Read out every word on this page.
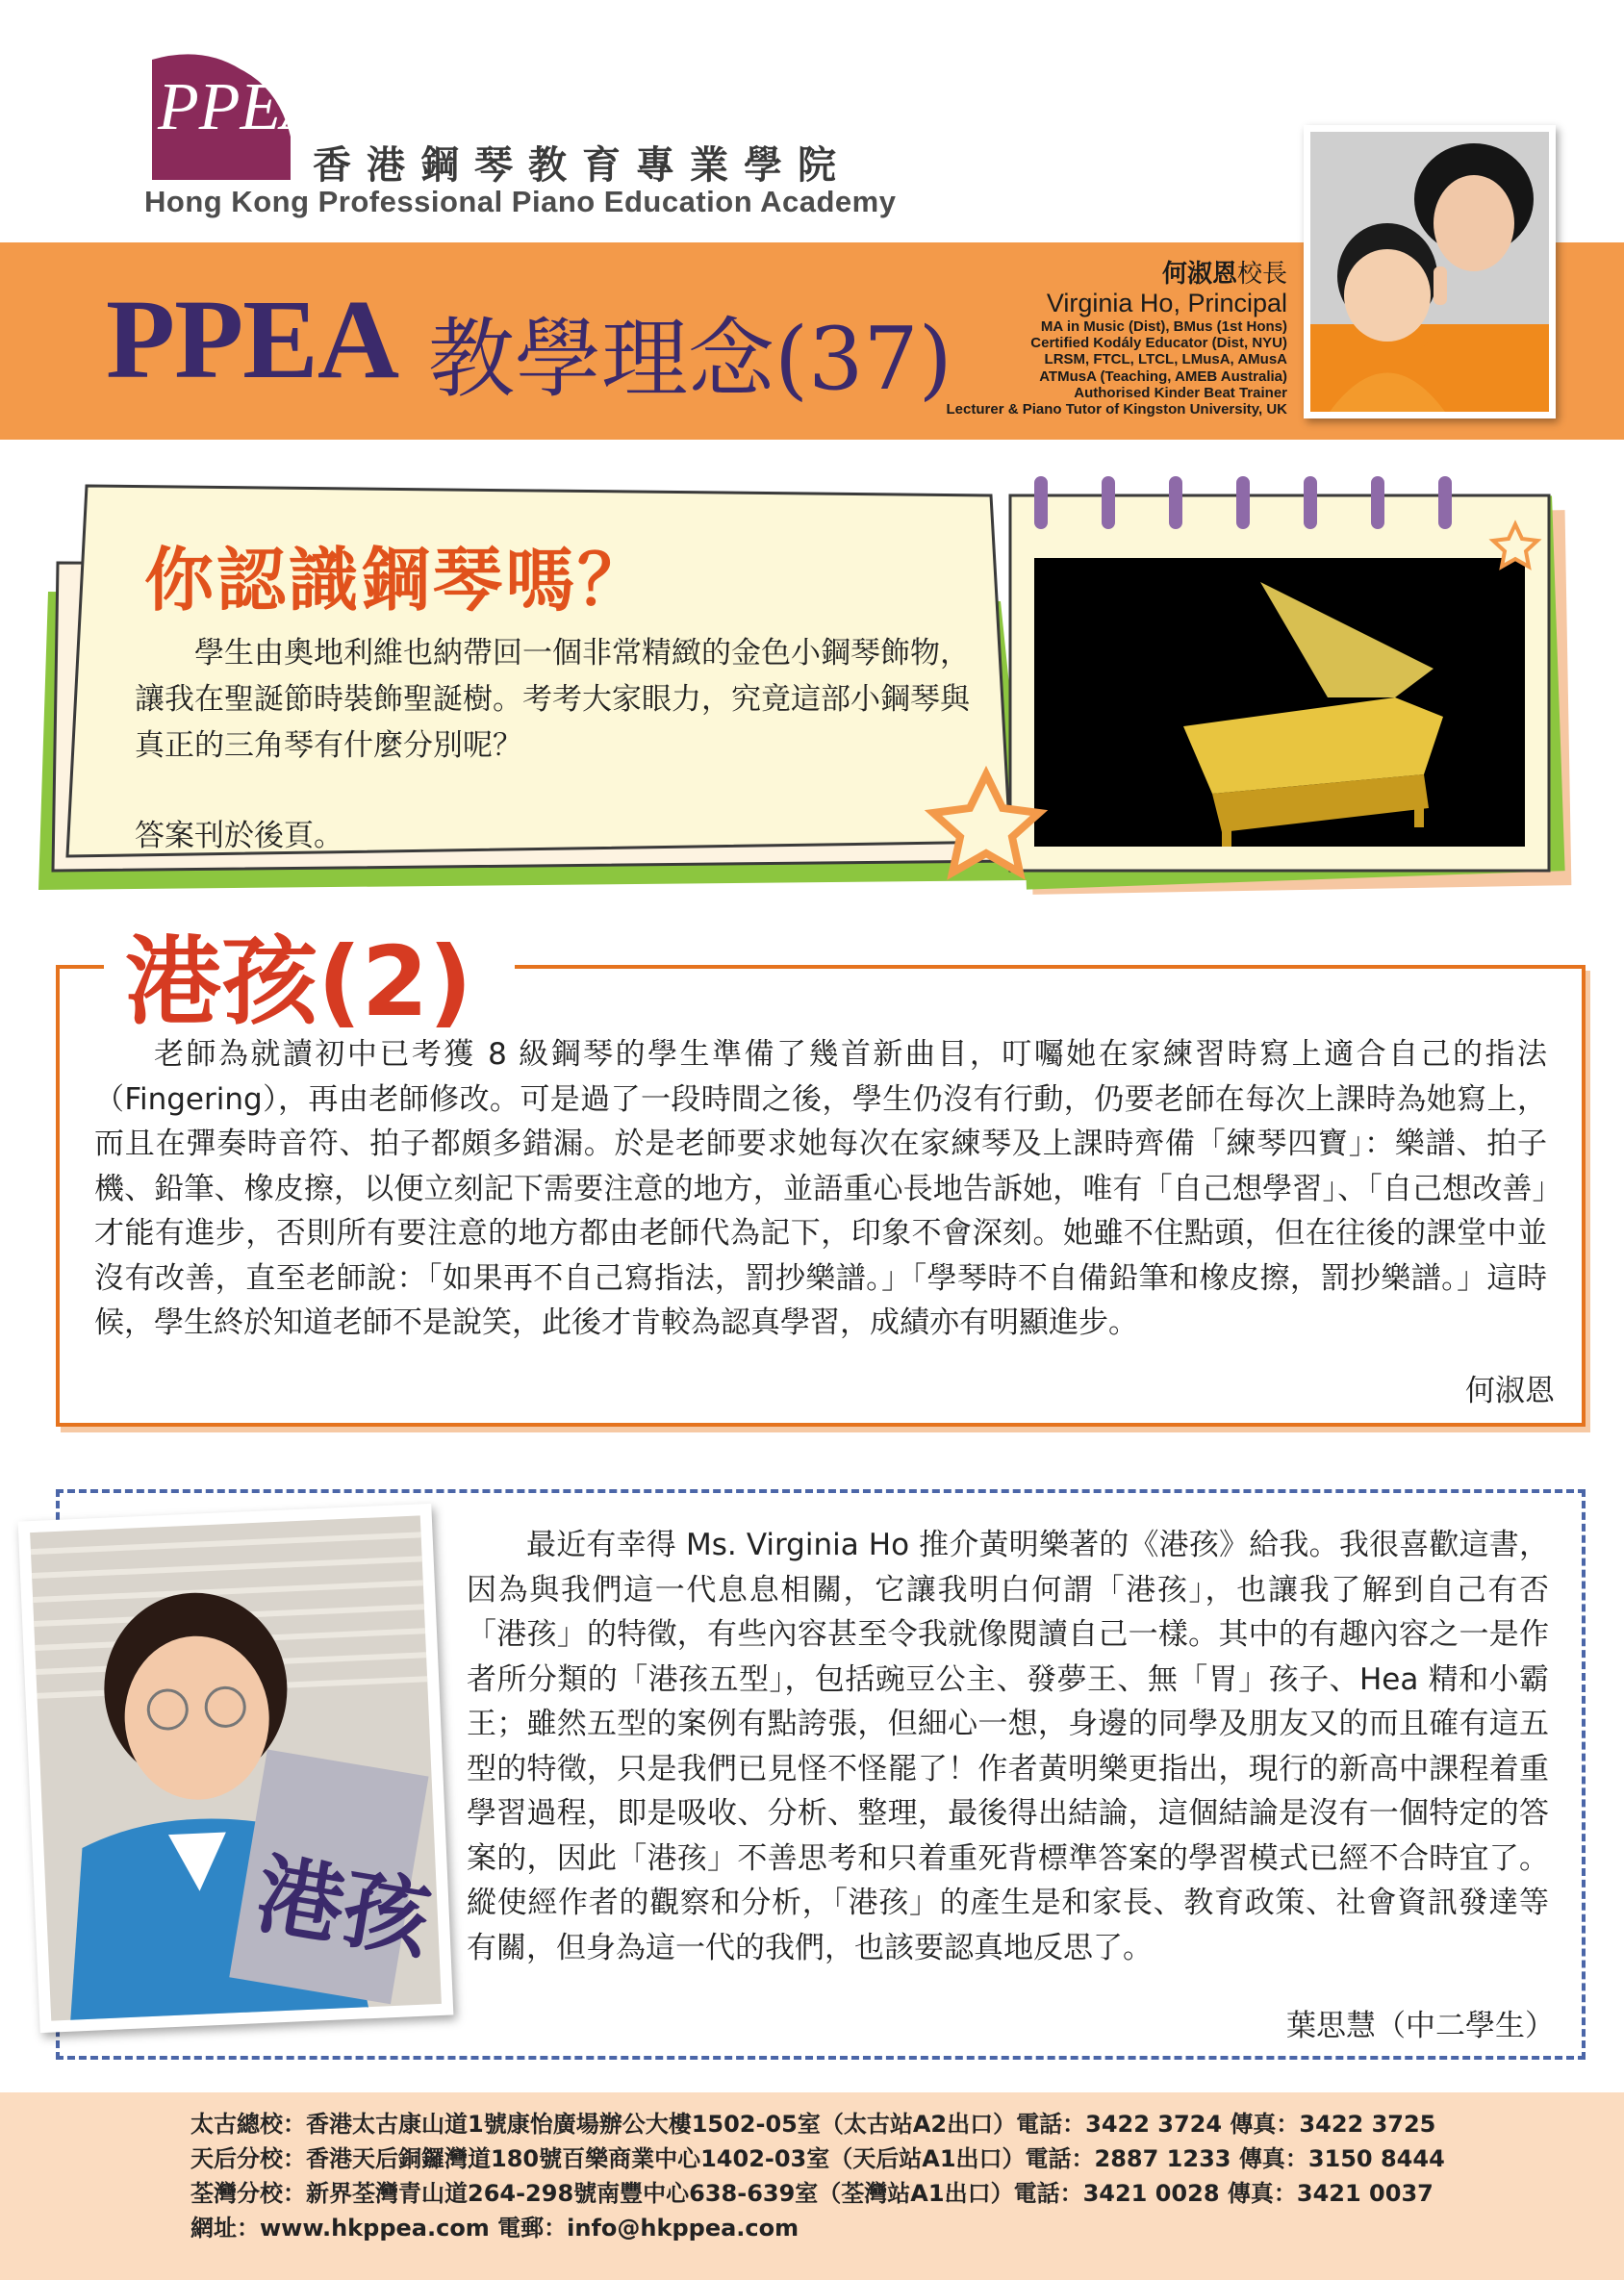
PPEA
香港鋼琴教育專業學院
Hong Kong Professional Piano Education Academy
PPEA 教學理念(37)
何淑恩校長
Virginia Ho, Principal
MA in Music (Dist), BMus (1st Hons)
Certified Kodály Educator (Dist, NYU)
LRSM, FTCL, LTCL, LMusA, AMusA
ATMusA (Teaching, AMEB Australia)
Authorised Kinder Beat Trainer
Lecturer & Piano Tutor of Kingston University, UK
你認識鋼琴嗎？
學生由奧地利維也納帶回一個非常精緻的金色小鋼琴飾物，讓我在聖誕節時裝飾聖誕樹。考考大家眼力，究竟這部小鋼琴與真正的三角琴有什麼分別呢？
答案刊於後頁。
港孩(2)
老師為就讀初中已考獲 8 級鋼琴的學生準備了幾首新曲目，叮囑她在家練習時寫上適合自己的指法（Fingering），再由老師修改。可是過了一段時間之後，學生仍沒有行動，仍要老師在每次上課時為她寫上，而且在彈奏時音符、拍子都頗多錯漏。於是老師要求她每次在家練琴及上課時齊備「練琴四寶」：樂譜、拍子機、鉛筆、橡皮擦，以便立刻記下需要注意的地方，並語重心長地告訴她，唯有「自己想學習」、「自己想改善」才能有進步，否則所有要注意的地方都由老師代為記下，印象不會深刻。她雖不住點頭，但在往後的課堂中並沒有改善，直至老師說：「如果再不自己寫指法，罰抄樂譜。」「學琴時不自備鉛筆和橡皮擦，罰抄樂譜。」這時候，學生終於知道老師不是說笑，此後才肯較為認真學習，成績亦有明顯進步。
何淑恩
港孩
最近有幸得 Ms. Virginia Ho 推介黃明樂著的《港孩》給我。我很喜歡這書，因為與我們這一代息息相關，它讓我明白何謂「港孩」，也讓我了解到自己有否「港孩」的特徵，有些內容甚至令我就像閱讀自己一樣。其中的有趣內容之一是作者所分類的「港孩五型」，包括豌豆公主、發夢王、無「胃」孩子、Hea 精和小霸王；雖然五型的案例有點誇張，但細心一想，身邊的同學及朋友又的而且確有這五型的特徵，只是我們已見怪不怪罷了！作者黃明樂更指出，現行的新高中課程着重學習過程，即是吸收、分析、整理，最後得出結論，這個結論是沒有一個特定的答案的，因此「港孩」不善思考和只着重死背標準答案的學習模式已經不合時宜了。縱使經作者的觀察和分析，「港孩」的產生是和家長、教育政策、社會資訊發達等有關，但身為這一代的我們，也該要認真地反思了。
葉思慧（中二學生）
太古總校：香港太古康山道1號康怡廣場辦公大樓1502-05室（太古站A2出口）電話：3422 3724 傳真：3422 3725
天后分校：香港天后銅鑼灣道180號百樂商業中心1402-03室（天后站A1出口）電話：2887 1233 傳真：3150 8444
荃灣分校：新界荃灣青山道264-298號南豐中心638-639室（荃灣站A1出口）電話：3421 0028 傳真：3421 0037
網址：www.hkppea.com 電郵：info@hkppea.com
